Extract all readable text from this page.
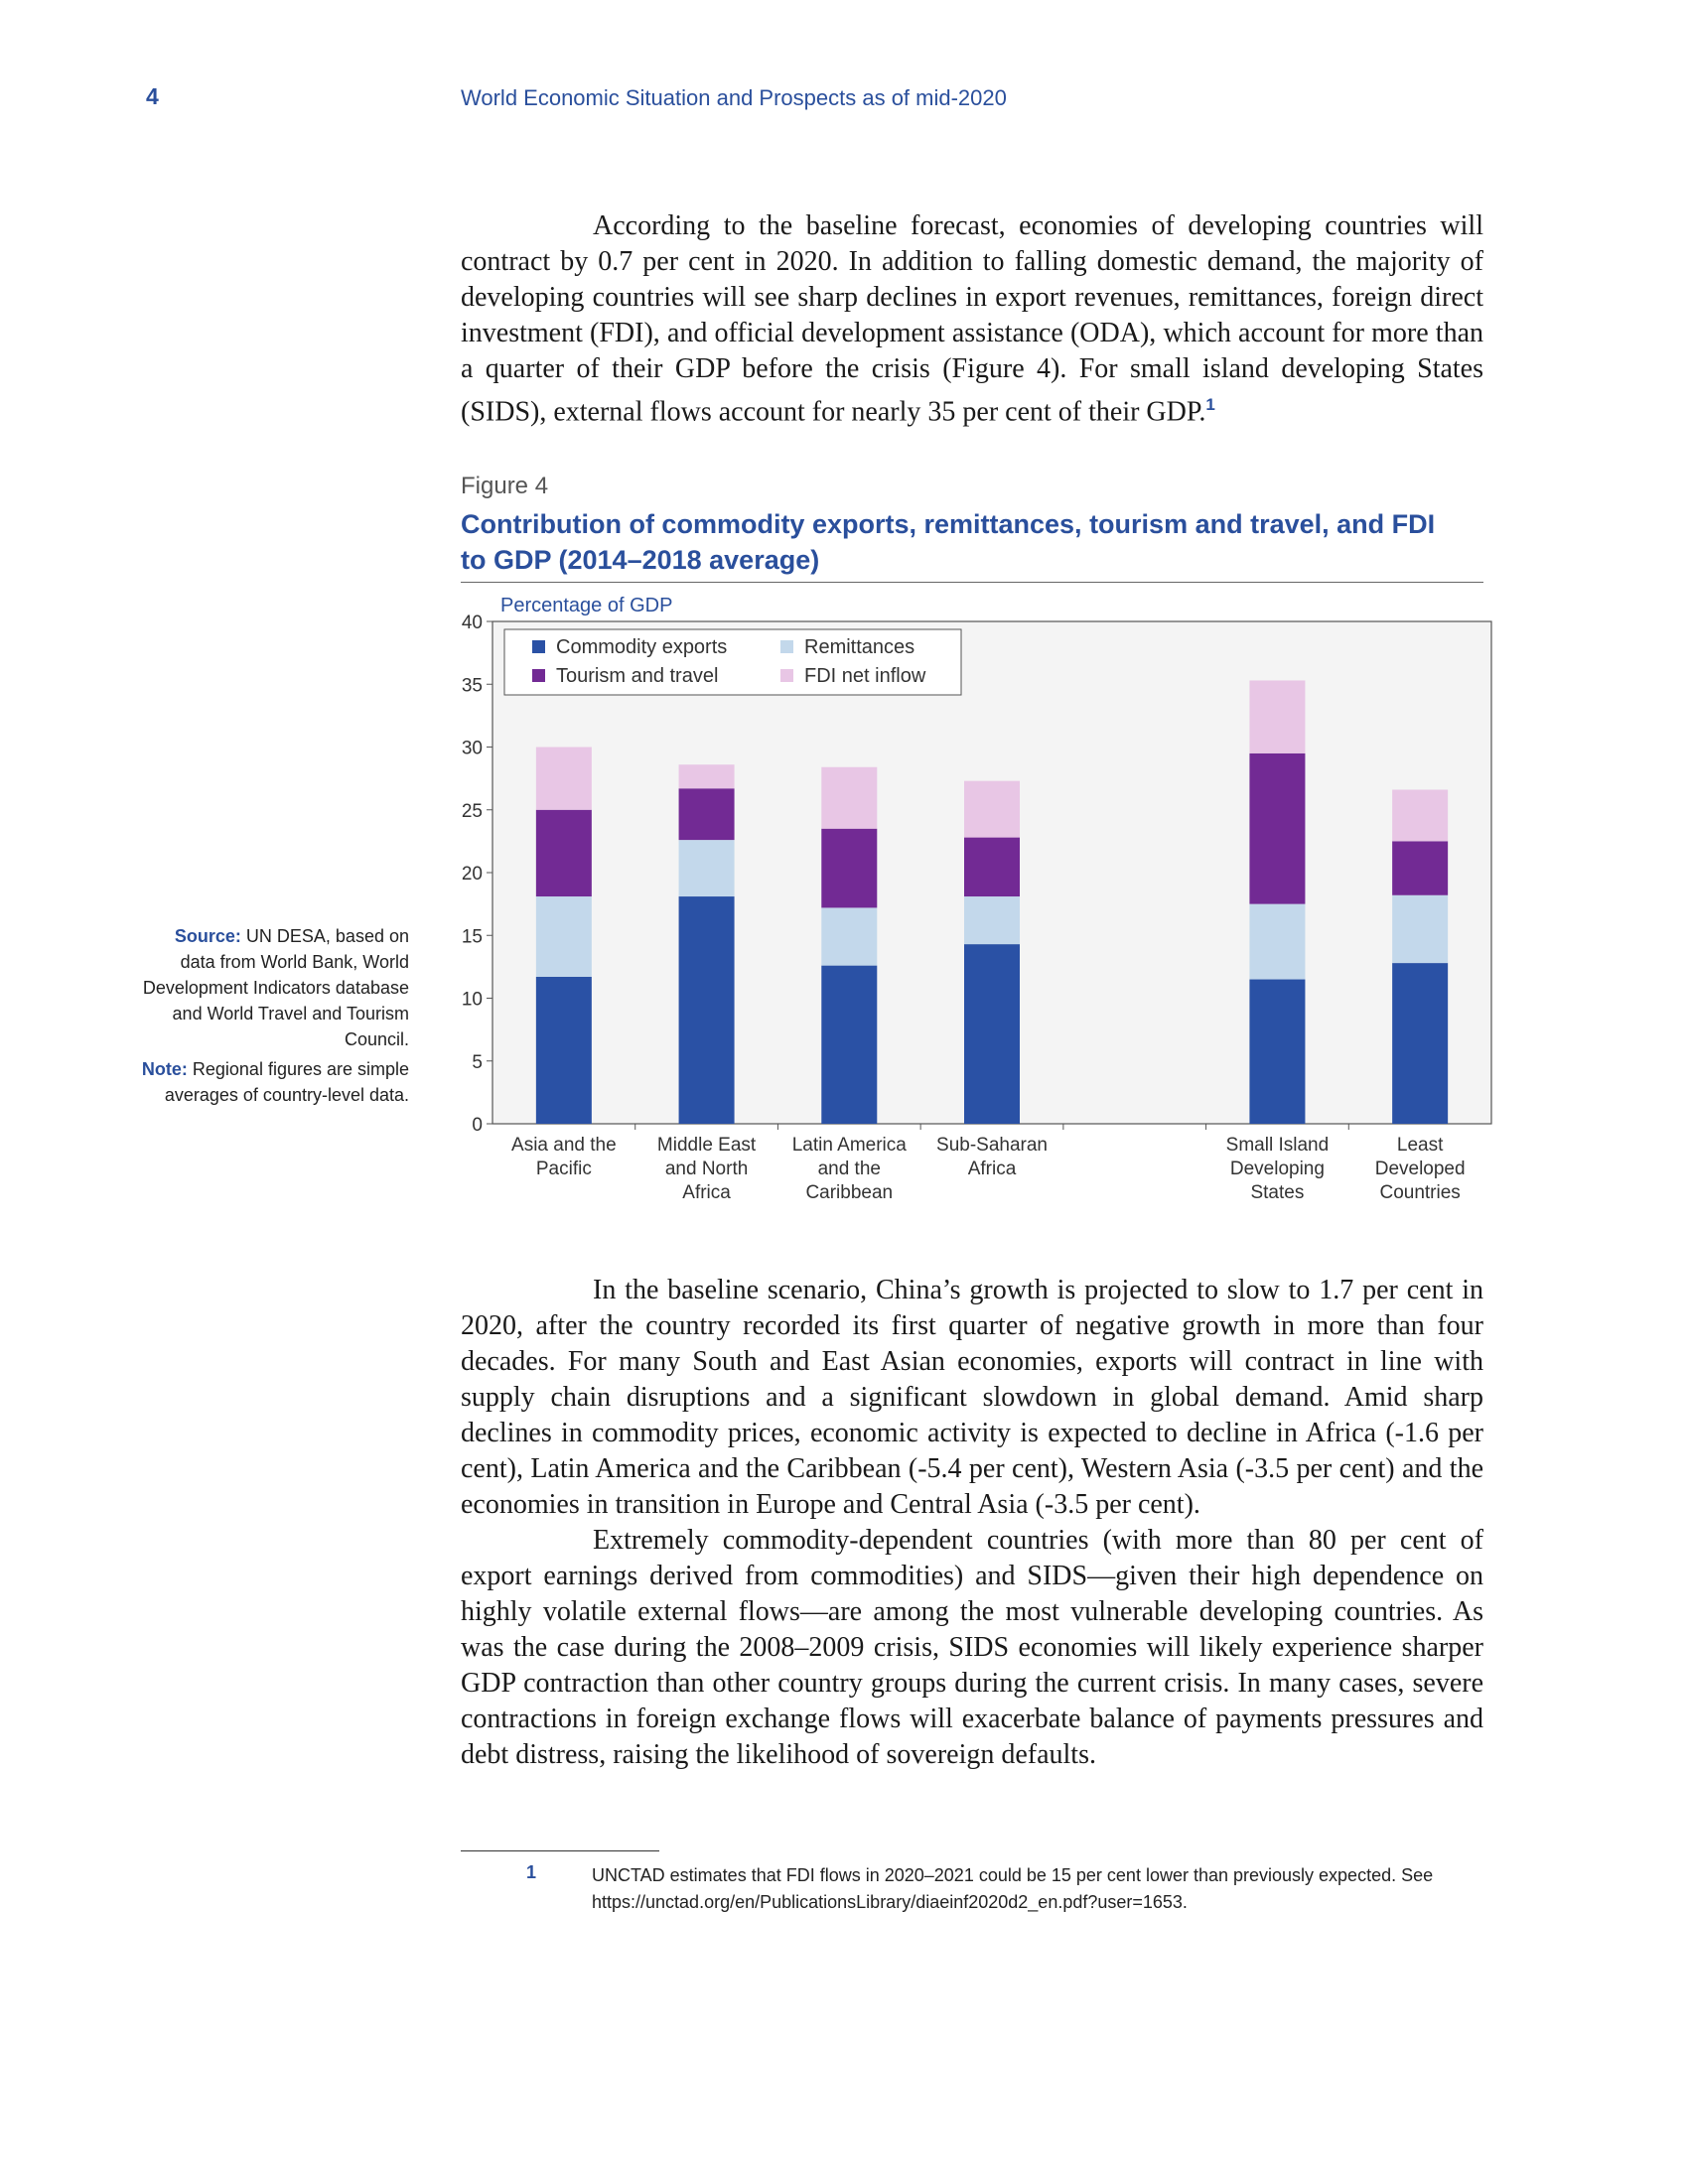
4	World Economic Situation and Prospects as of mid-2020

According to the baseline forecast, economies of developing countries will contract by 0.7 per cent in 2020. In addition to falling domestic demand, the majority of developing countries will see sharp declines in export revenues, remittances, foreign direct investment (FDI), and official development assistance (ODA), which account for more than a quarter of their GDP before the crisis (Figure 4). For small island developing States (SIDS), external flows account for nearly 35 per cent of their GDP.$^1$

Figure 4
Contribution of commodity exports, remittances, tourism and travel, and FDI to GDP (2014–2018 average)
Source: UN DESA, based on data from World Bank, World Development Indicators database and World Travel and Tourism Council.
Note: Regional figures are simple averages of country-level data.
Percentage of GDP
0
5
10
15
20
25
30
35
40
Asia and the
Pacific
Middle East
and North
Africa
Latin America
and the
Caribbean
Sub-Saharan
Africa
Small Island
Developing
States
Least
Developed
Countries
Commodity exports	Remittances
Tourism and travel	FDI net inflow

In the baseline scenario, China’s growth is projected to slow to 1.7 per cent in 2020, after the country recorded its first quarter of negative growth in more than four decades. For many South and East Asian economies, exports will contract in line with supply chain disruptions and a significant slowdown in global demand. Amid sharp declines in commodity prices, economic activity is expected to decline in Africa (-1.6 per cent), Latin America and the Caribbean (-5.4 per cent), Western Asia (-3.5 per cent) and the economies in transition in Europe and Central Asia (-3.5 per cent).

Extremely commodity-dependent countries (with more than 80 per cent of export earnings derived from commodities) and SIDS—given their high dependence on highly volatile external flows—are among the most vulnerable developing countries. As was the case during the 2008–2009 crisis, SIDS economies will likely experience sharper GDP contraction than other country groups during the current crisis. In many cases, severe contractions in foreign exchange flows will exacerbate balance of payments pressures and debt distress, raising the likelihood of sovereign defaults.

1	UNCTAD estimates that FDI flows in 2020–2021 could be 15 per cent lower than previously expected. See https://unctad.org/en/PublicationsLibrary/diaeinf2020d2_en.pdf?user=1653.
